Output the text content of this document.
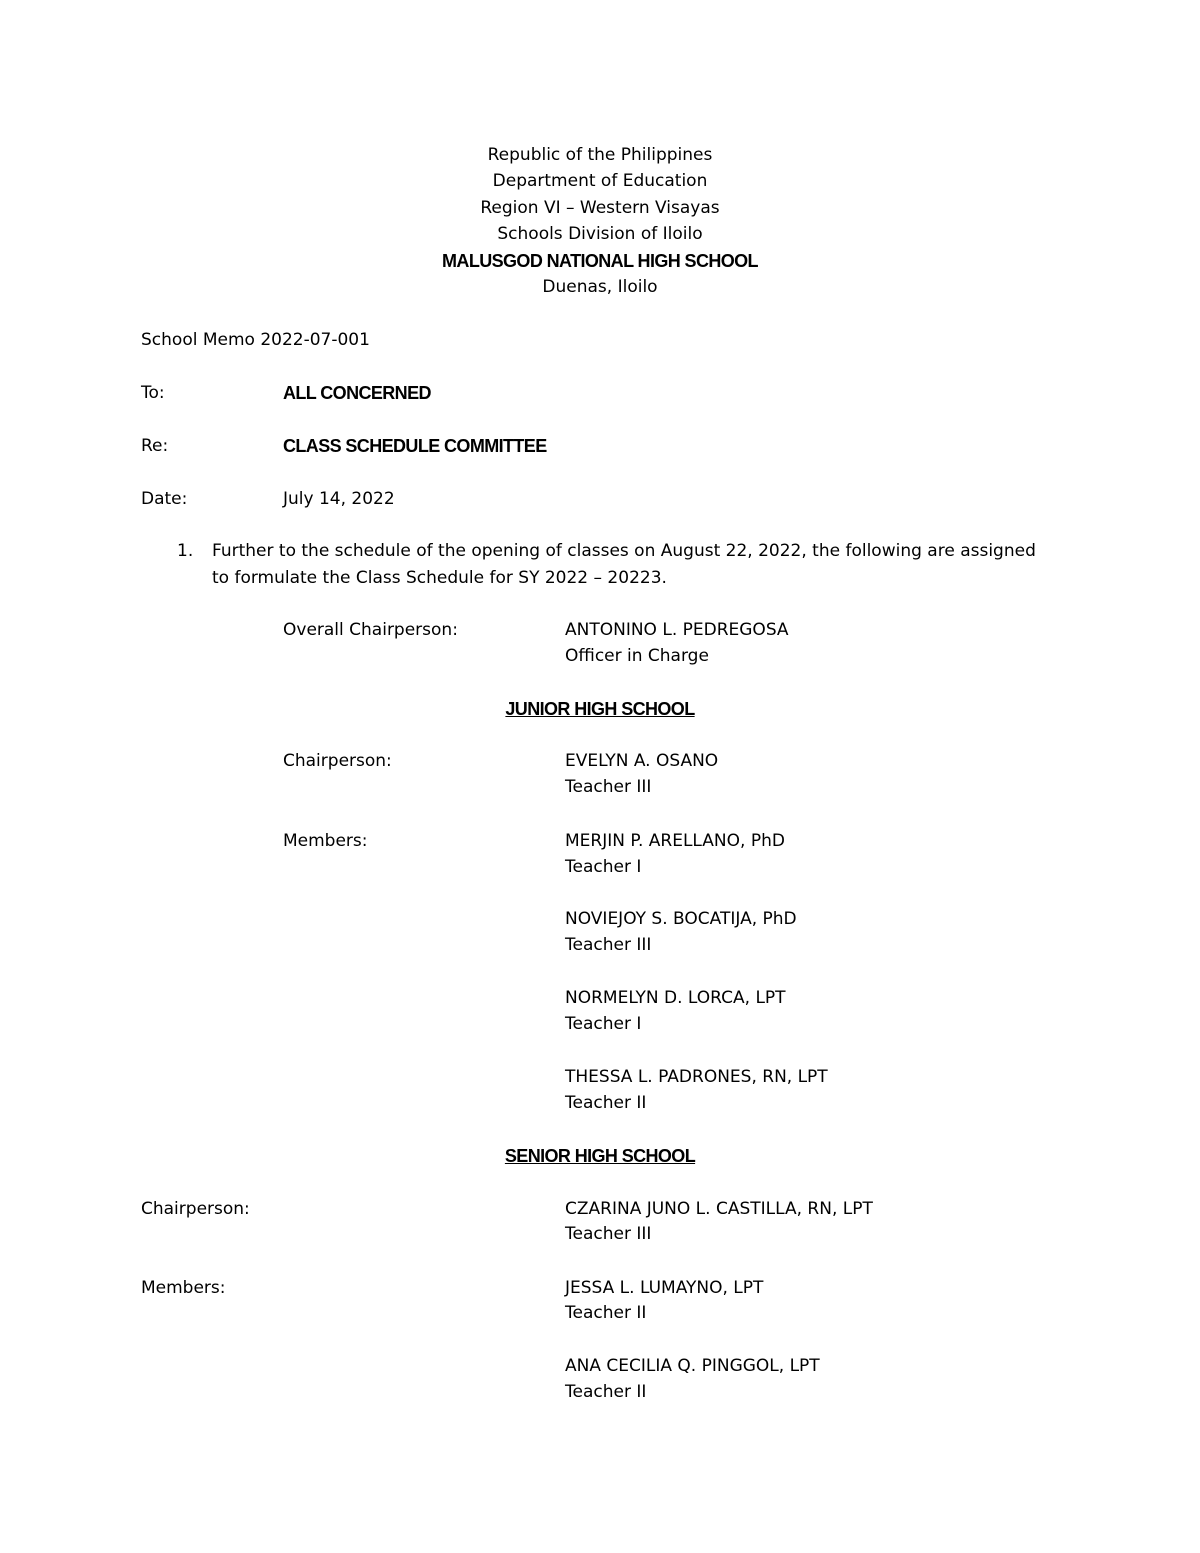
Republic of the Philippines
Department of Education
Region VI – Western Visayas
Schools Division of Iloilo
MALUSGOD NATIONAL HIGH SCHOOL
Duenas, Iloilo
School Memo 2022-07-001
To:	ALL CONCERNED
Re:	CLASS SCHEDULE COMMITTEE
Date:	July 14, 2022
1. Further to the schedule of the opening of classes on August 22, 2022, the following are assigned
to formulate the Class Schedule for SY 2022 – 20223.
Overall Chairperson:	ANTONINO L. PEDREGOSA
Officer in Charge
JUNIOR HIGH SCHOOL
Chairperson:	EVELYN A. OSANO
Teacher III
Members:	MERJIN P. ARELLANO, PhD
Teacher I
NOVIEJOY S. BOCATIJA, PhD
Teacher III
NORMELYN D. LORCA, LPT
Teacher I
THESSA L. PADRONES, RN, LPT
Teacher II
SENIOR HIGH SCHOOL
Chairperson:	CZARINA JUNO L. CASTILLA, RN, LPT
Teacher III
Members:	JESSA L. LUMAYNO, LPT
Teacher II
ANA CECILIA Q. PINGGOL, LPT
Teacher II
